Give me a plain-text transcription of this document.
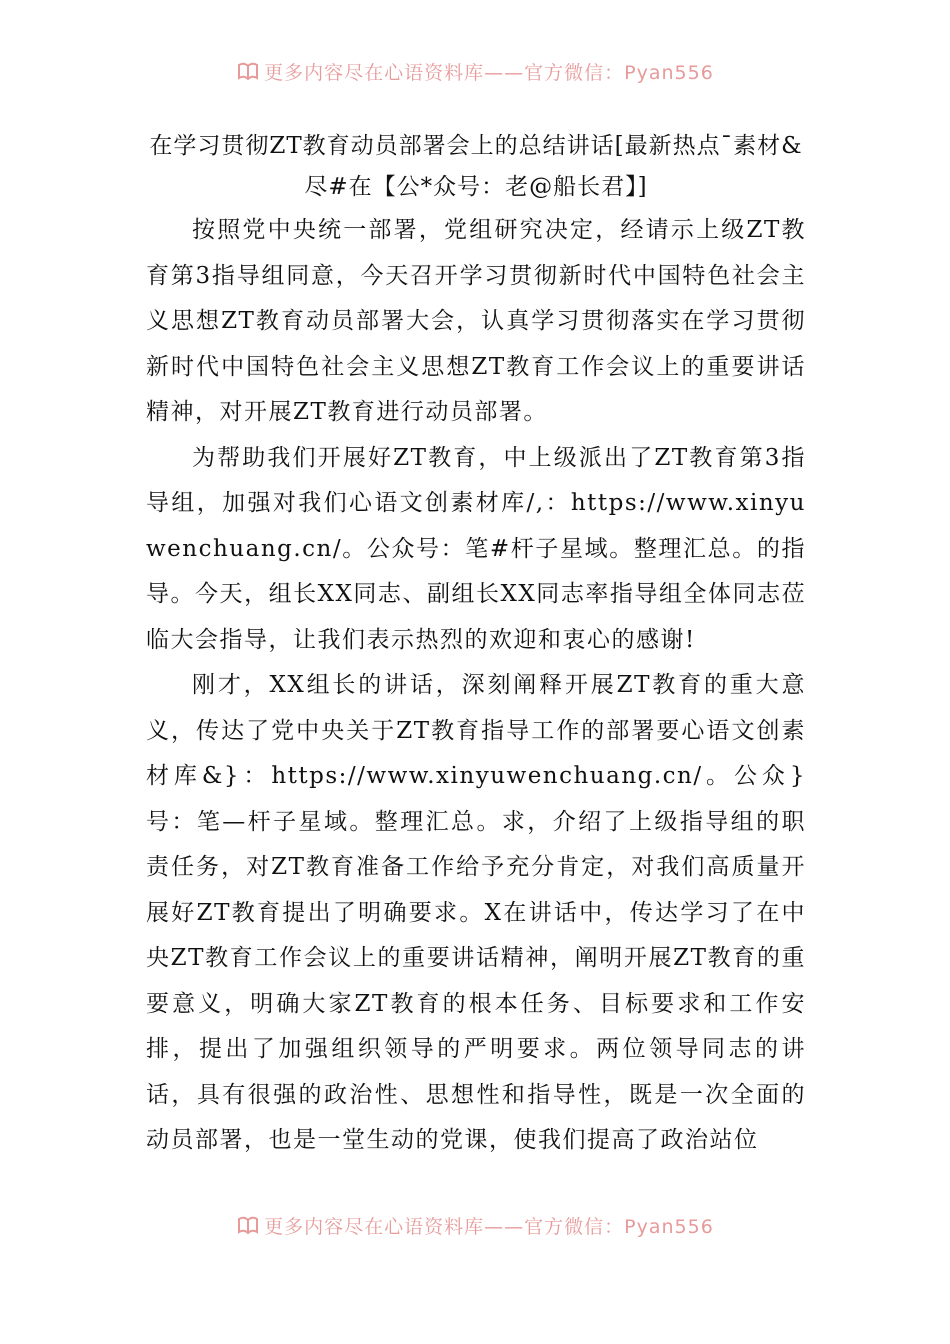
更多内容尽在心语资料库——官方微信：Pyan556

在学习贯彻ZT教育动员部署会上的总结讲话[最新热点¯素材&尽#在【公*众号：老@船长君】]

按照党中央统一部署，党组研究决定，经请示上级ZT教育第3指导组同意，今天召开学习贯彻新时代中国特色社会主义思想ZT教育动员部署大会，认真学习贯彻落实在学习贯彻新时代中国特色社会主义思想ZT教育工作会议上的重要讲话精神，对开展ZT教育进行动员部署。

为帮助我们开展好ZT教育，中上级派出了ZT教育第3指导组，加强对我们心语文创素材库/,：https://www.xinyuwenchuang.cn/。公众号：笔#杆子星域。整理汇总。的指导。今天，组长XX同志、副组长XX同志率指导组全体同志莅临大会指导，让我们表示热烈的欢迎和衷心的感谢!

刚才，XX组长的讲话，深刻阐释开展ZT教育的重大意义，传达了党中央关于ZT教育指导工作的部署要心语文创素材库&}：https://www.xinyuwenchuang.cn/。公众}号：笔—杆子星域。整理汇总。求，介绍了上级指导组的职责任务，对ZT教育准备工作给予充分肯定，对我们高质量开展好ZT教育提出了明确要求。X在讲话中，传达学习了在中央ZT教育工作会议上的重要讲话精神，阐明开展ZT教育的重要意义，明确大家ZT教育的根本任务、目标要求和工作安排，提出了加强组织领导的严明要求。两位领导同志的讲话，具有很强的政治性、思想性和指导性，既是一次全面的动员部署，也是一堂生动的党课，使我们提高了政治站位

更多内容尽在心语资料库——官方微信：Pyan556
